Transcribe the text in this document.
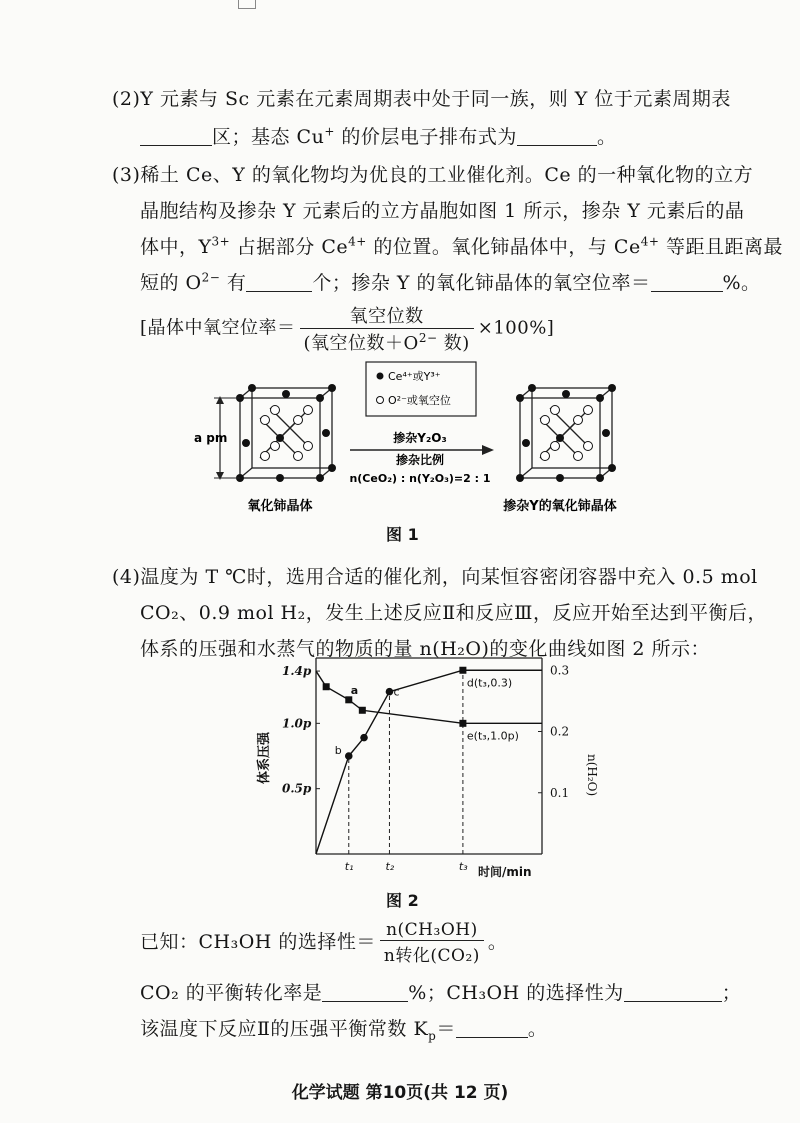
(2)Y 元素与 Sc 元素在元素周期表中处于同一族，则 Y 位于元素周期表
区；基态 Cu+ 的价层电子排布式为	。
(3)稀土 Ce、Y 的氧化物均为优良的工业催化剂。Ce 的一种氧化物的立方
晶胞结构及掺杂 Y 元素后的立方晶胞如图 1 所示，掺杂 Y 元素后的晶
体中，$Y^{3+}$ 占据部分 $Ce^{4+}$ 的位置。氧化铈晶体中，与 $Ce^{4+}$ 等距且距离最
短的 $O^{2-}$ 有	个；掺杂 Y 的氧化铈晶体的氧空位率＝	%。
[晶体中氧空位率＝ $\frac{\text{氧空位数}}{(氧空位数+O^{2-} 数)} \times 100\%$]
Ce⁴⁺或Y³⁺
O²⁻或氧空位
a pm	掺杂Y₂O₃
掺杂比例
n(CeO₂) : n(Y₂O₃)=2 : 1
氧化铈晶体	掺杂Y的氧化铈晶体
图 1
(4)温度为 T ℃时，选用合适的催化剂，向某恒容密闭容器中充入 0.5 mol
CO₂、0.9 mol H₂，发生上述反应Ⅱ和反应Ⅲ，反应开始至达到平衡后，
体系的压强和水蒸气的物质的量 n(H₂O)的变化曲线如图 2 所示：
1.4p
1.0p
0.5p
0.3
0.2
0.1
t₁	t₂	t₃ 时间/min
体系压强	n(H₂O)
a
b
c
d(t₃,0.3)
e(t₃,1.0p)
图 2
已知：CH₃OH 的选择性＝ $\frac{\text{n(CH₃OH)}}{\text{n转化(CO₂)}}$ 。
CO₂ 的平衡转化率是	%；CH₃OH 的选择性为	；
该温度下反应Ⅱ的压强平衡常数 $K_p=$	。
化学试题 第10页(共 12 页)
